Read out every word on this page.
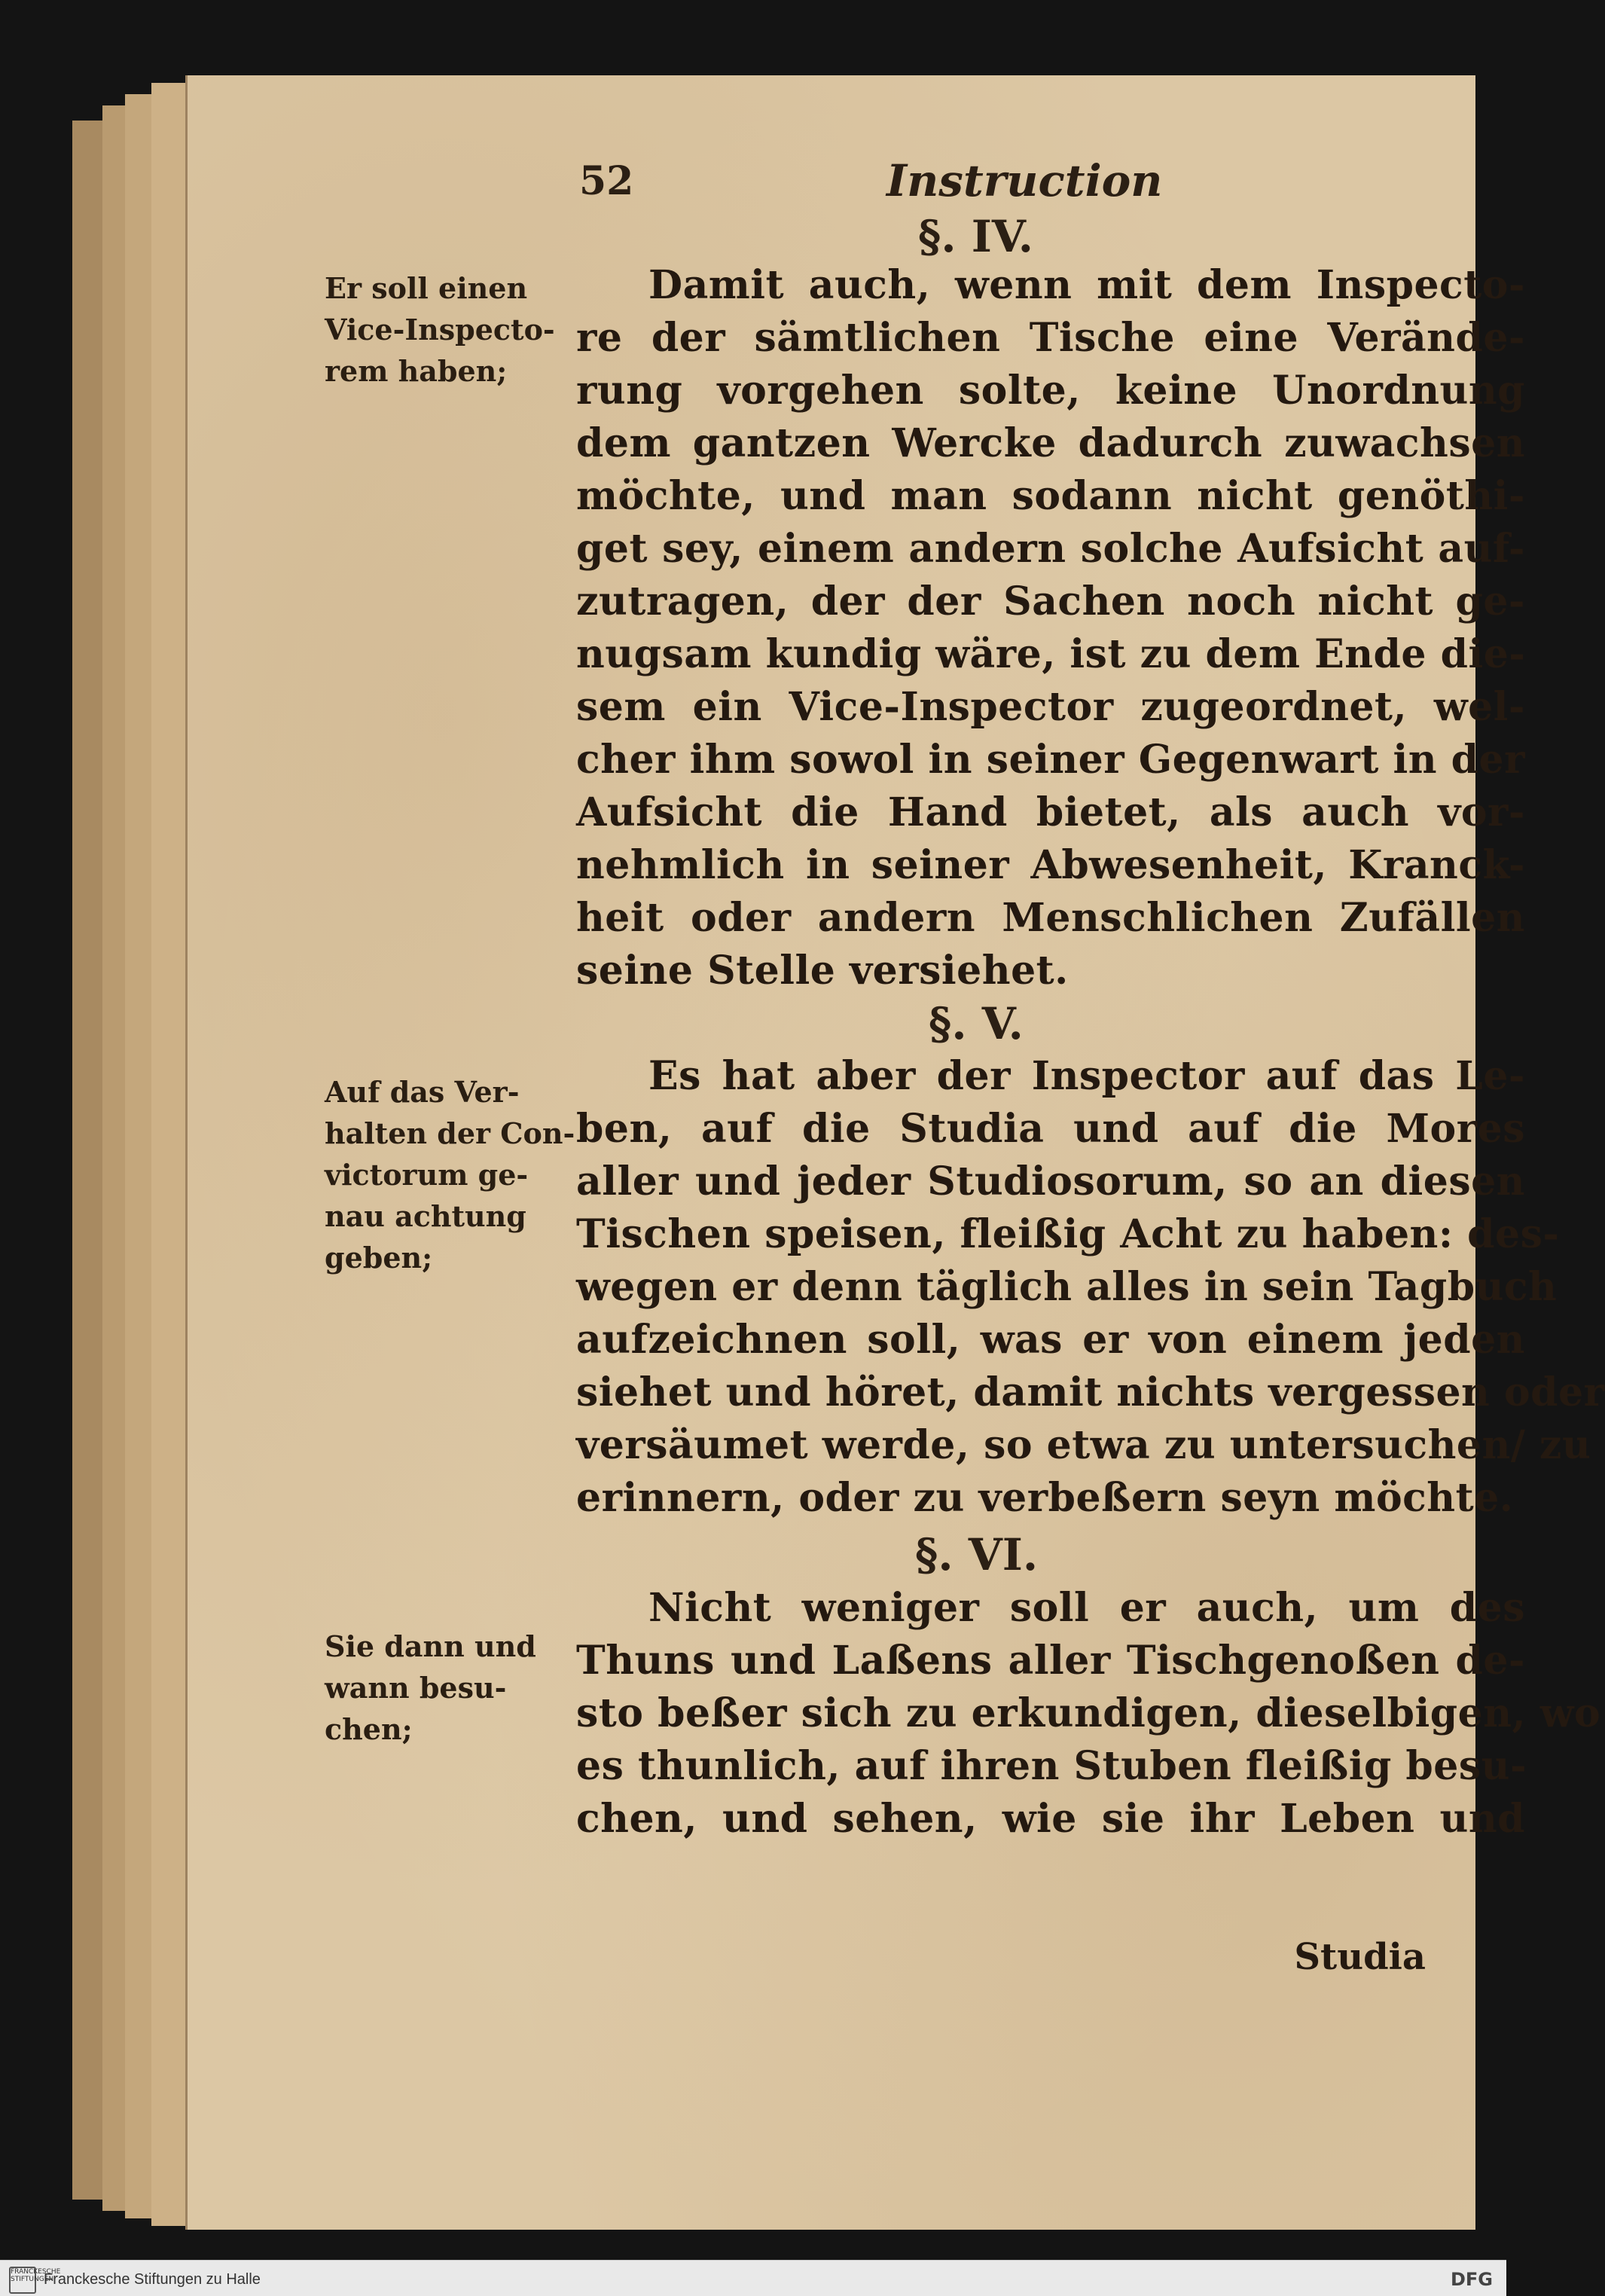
52	Instruction
§. IV.
Er soll einen
Vice-Inspecto-
rem haben;
Damit auch, wenn mit dem Inspecto-
re der sämtlichen Tische eine Verände-
rung vorgehen solte, keine Unordnung
dem gantzen Wercke dadurch zuwachsen
möchte, und man sodann nicht genöthi-
get sey, einem andern solche Aufsicht auf-
zutragen, der der Sachen noch nicht ge-
nugsam kundig wäre, ist zu dem Ende die-
sem ein Vice-Inspector zugeordnet, wel-
cher ihm sowol in seiner Gegenwart in der
Aufsicht die Hand bietet, als auch vor-
nehmlich in seiner Abwesenheit, Kranck-
heit oder andern Menschlichen Zufällen
seine Stelle versiehet.
§. V.
Auf das Ver-
halten der Con-
victorum ge-
nau achtung
geben;
Es hat aber der Inspector auf das Le-
ben, auf die Studia und auf die Mores
aller und jeder Studiosorum, so an diesen
Tischen speisen, fleißig Acht zu haben: des-
wegen er denn täglich alles in sein Tagbuch
aufzeichnen soll, was er von einem jeden
siehet und höret, damit nichts vergessen oder
versäumet werde, so etwa zu untersuchen/ zu
erinnern, oder zu verbeßern seyn möchte.
§. VI.
Sie dann und
wann besu-
chen;
Nicht weniger soll er auch, um des
Thuns und Laßens aller Tischgenoßen de-
sto beßer sich zu erkundigen, dieselbigen, wo
es thunlich, auf ihren Stuben fleißig besu-
chen, und sehen, wie sie ihr Leben und
Studia
FRANCKESCHE STIFTUNGEN
Franckesche Stiftungen zu Halle	DFG
